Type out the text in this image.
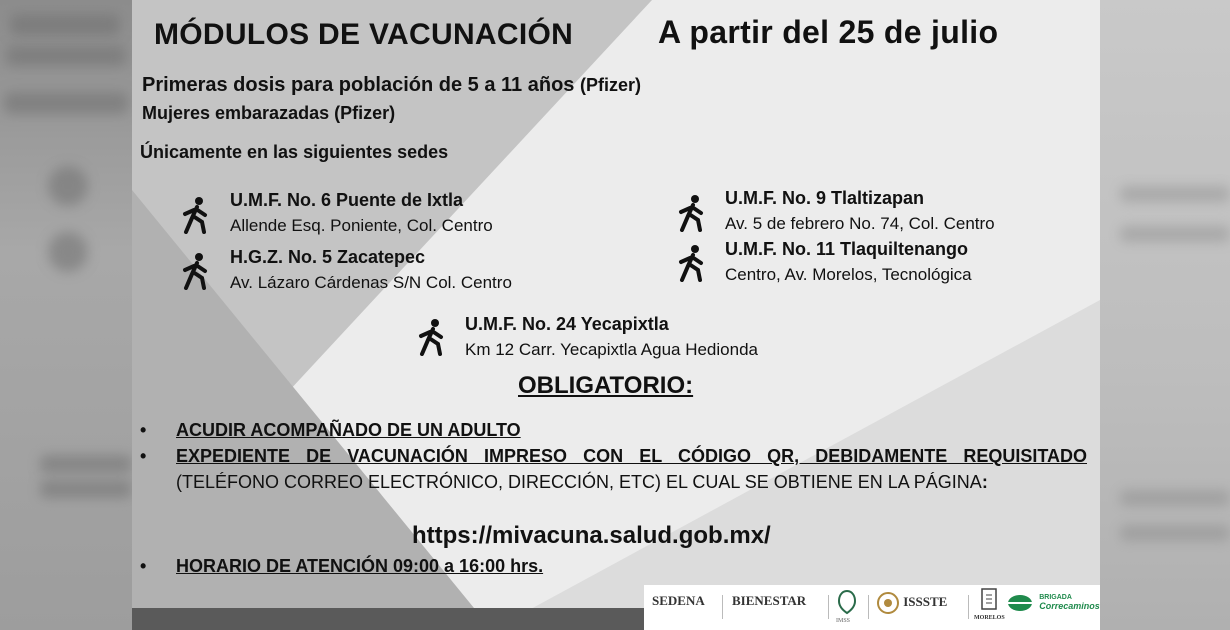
MÓDULOS DE VACUNACIÓN	A partir del 25 de julio
Primeras dosis para población de 5 a 11 años (Pfizer)
Mujeres embarazadas (Pfizer)
Únicamente en las siguientes sedes
U.M.F. No. 6 Puente de Ixtla
Allende Esq. Poniente, Col. Centro
H.G.Z. No. 5 Zacatepec
Av. Lázaro Cárdenas S/N Col. Centro
U.M.F. No. 9 Tlaltizapan
Av. 5 de febrero No. 74, Col. Centro
U.M.F. No. 11 Tlaquiltenango
Centro, Av. Morelos, Tecnológica
U.M.F. No. 24 Yecapixtla
Km 12 Carr. Yecapixtla Agua Hedionda
OBLIGATORIO:
• ACUDIR ACOMPAÑADO DE UN ADULTO
• EXPEDIENTE DE VACUNACIÓN IMPRESO CON EL CÓDIGO QR, DEBIDAMENTE REQUISITADO (TELÉFONO CORREO ELECTRÓNICO, DIRECCIÓN, ETC) EL CUAL SE OBTIENE EN LA PÁGINA:
https://mivacuna.salud.gob.mx/
• HORARIO DE ATENCIÓN 09:00 a 16:00 hrs.
SEDENA BIENESTAR
IMSS
ISSSTE
MORELOS

BRIGADA
Correcaminos
